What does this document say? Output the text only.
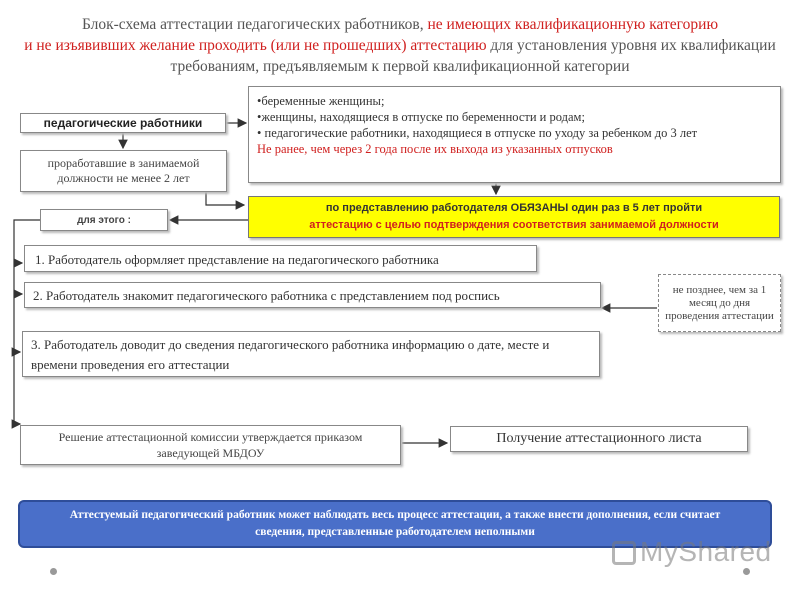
Блок-схема аттестации педагогических работников, не имеющих квалификационную категорию
и не изъявивших желание проходить (или не прошедших) аттестацию для установления уровня их квалификации требованиям, предъявляемым к первой квалификационной категории
педагогические работники
проработавшие в занимаемой должности не менее 2 лет
•беременные женщины;
•женщины, находящиеся в отпуске по беременности и родам;
• педагогические работники, находящиеся в отпуске по уходу за ребенком до 3 лет
Не ранее, чем через 2 года после их выхода из указанных отпусков
по представлению работодателя ОБЯЗАНЫ один раз в 5 лет пройти
аттестацию с целью подтверждения соответствия занимаемой должности
для этого :
1. Работодатель оформляет представление на педагогического работника
2. Работодатель знакомит педагогического работника с представлением под роспись
3. Работодатель доводит до сведения педагогического работника информацию о дате, месте и времени проведения его аттестации
не позднее, чем за 1 месяц до дня проведения аттестации
Решение аттестационной комиссии утверждается приказом заведующей МБДОУ
Получение аттестационного листа
Аттестуемый педагогический работник может наблюдать весь процесс аттестации, а также внести дополнения, если считает сведения, представленные работодателем неполными
MyShared
